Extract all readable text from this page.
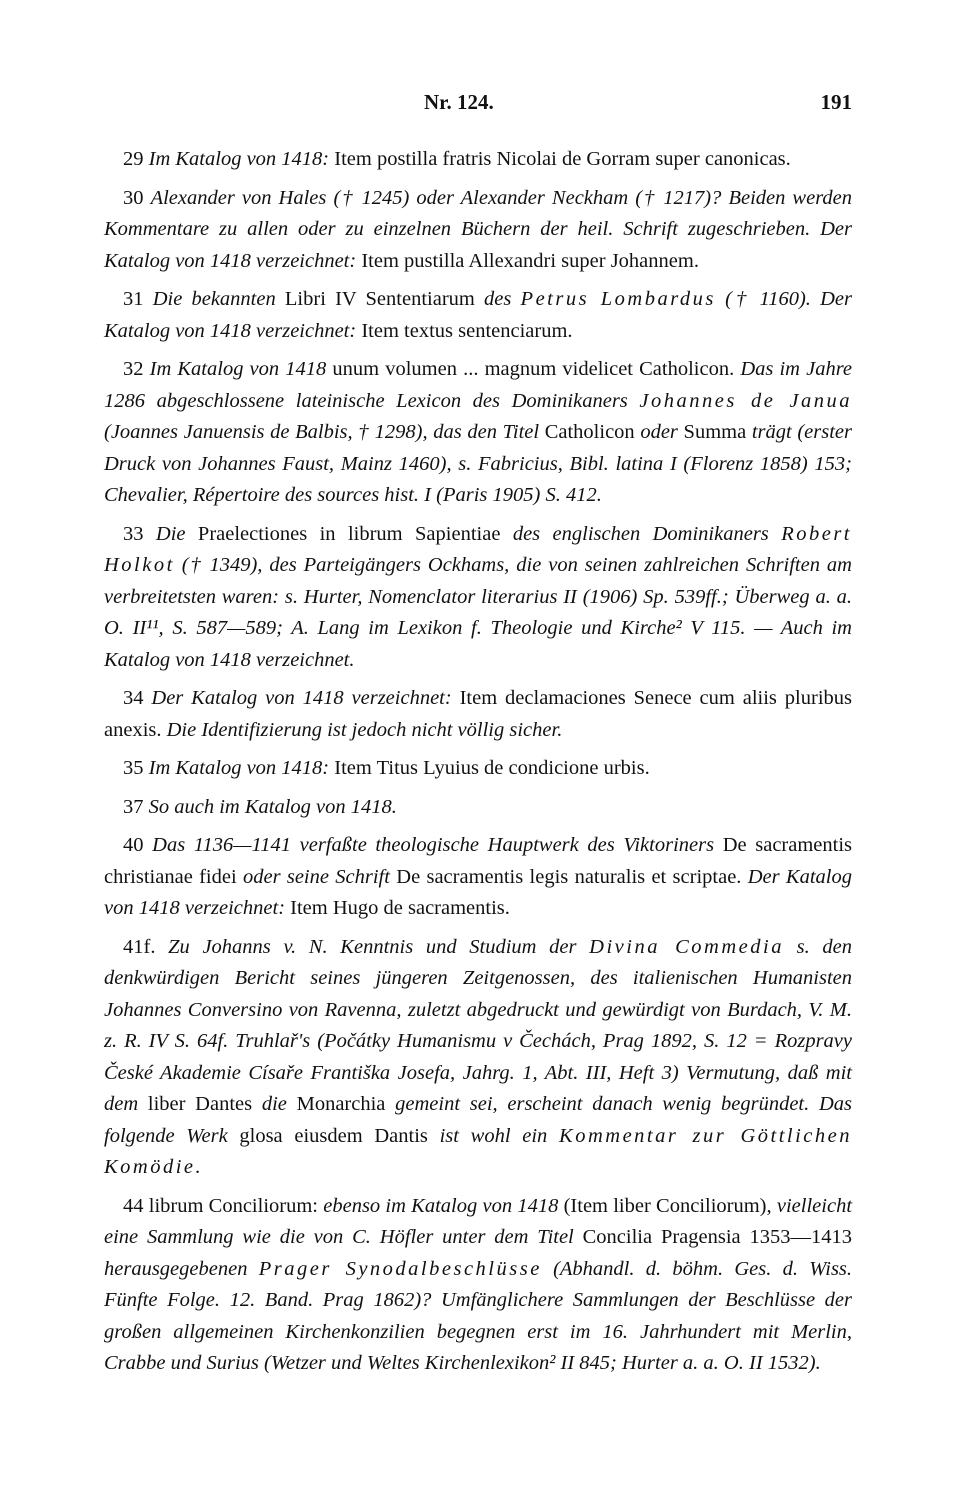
Nr. 124.	191

29 Im Katalog von 1418: Item postilla fratris Nicolai de Gorram super canonicas.

30 Alexander von Hales († 1245) oder Alexander Neckham († 1217)? Beiden werden Kommentare zu allen oder zu einzelnen Büchern der heil. Schrift zugeschrieben. Der Katalog von 1418 verzeichnet: Item pustilla Allexandri super Johannem.

31 Die bekannten Libri IV Sententiarum des Petrus Lombardus († 1160). Der Katalog von 1418 verzeichnet: Item textus sentenciarum.

32 Im Katalog von 1418 unum volumen ... magnum videlicet Catholicon. Das im Jahre 1286 abgeschlossene lateinische Lexicon des Dominikaners Johannes de Janua (Joannes Januensis de Balbis, † 1298), das den Titel Catholicon oder Summa trägt (erster Druck von Johannes Faust, Mainz 1460), s. Fabricius, Bibl. latina I (Florenz 1858) 153; Chevalier, Répertoire des sources hist. I (Paris 1905) S. 412.

33 Die Praelectiones in librum Sapientiae des englischen Dominikaners Robert Holkot († 1349), des Parteigängers Ockhams, die von seinen zahlreichen Schriften am verbreitetsten waren: s. Hurter, Nomenclator literarius II (1906) Sp. 539ff.; Überweg a. a. O. II¹¹, S. 587—589; A. Lang im Lexikon f. Theologie und Kirche² V 115. — Auch im Katalog von 1418 verzeichnet.

34 Der Katalog von 1418 verzeichnet: Item declamaciones Senece cum aliis pluribus anexis. Die Identifizierung ist jedoch nicht völlig sicher.

35 Im Katalog von 1418: Item Titus Lyuius de condicione urbis.

37 So auch im Katalog von 1418.

40 Das 1136—1141 verfaßte theologische Hauptwerk des Viktoriners De sacramentis christianae fidei oder seine Schrift De sacramentis legis naturalis et scriptae. Der Katalog von 1418 verzeichnet: Item Hugo de sacramentis.

41f. Zu Johanns v. N. Kenntnis und Studium der Divina Commedia s. den denkwürdigen Bericht seines jüngeren Zeitgenossen, des italienischen Humanisten Johannes Conversino von Ravenna, zuletzt abgedruckt und gewürdigt von Burdach, V. M. z. R. IV S. 64f. Truhlař's (Počátky Humanismu v Čechách, Prag 1892, S. 12 = Rozpravy České Akademie Císaře Františka Josefa, Jahrg. 1, Abt. III, Heft 3) Vermutung, daß mit dem liber Dantes die Monarchia gemeint sei, erscheint danach wenig begründet. Das folgende Werk glosa eiusdem Dantis ist wohl ein Kommentar zur Göttlichen Komödie.

44 librum Conciliorum: ebenso im Katalog von 1418 (Item liber Conciliorum), vielleicht eine Sammlung wie die von C. Höfler unter dem Titel Concilia Pragensia 1353—1413 herausgegebenen Prager Synodalbeschlüsse (Abhandl. d. böhm. Ges. d. Wiss. Fünfte Folge. 12. Band. Prag 1862)? Umfänglichere Sammlungen der Beschlüsse der großen allgemeinen Kirchenkonzilien begegnen erst im 16. Jahrhundert mit Merlin, Crabbe und Surius (Wetzer und Weltes Kirchenlexikon² II 845; Hurter a. a. O. II 1532).
